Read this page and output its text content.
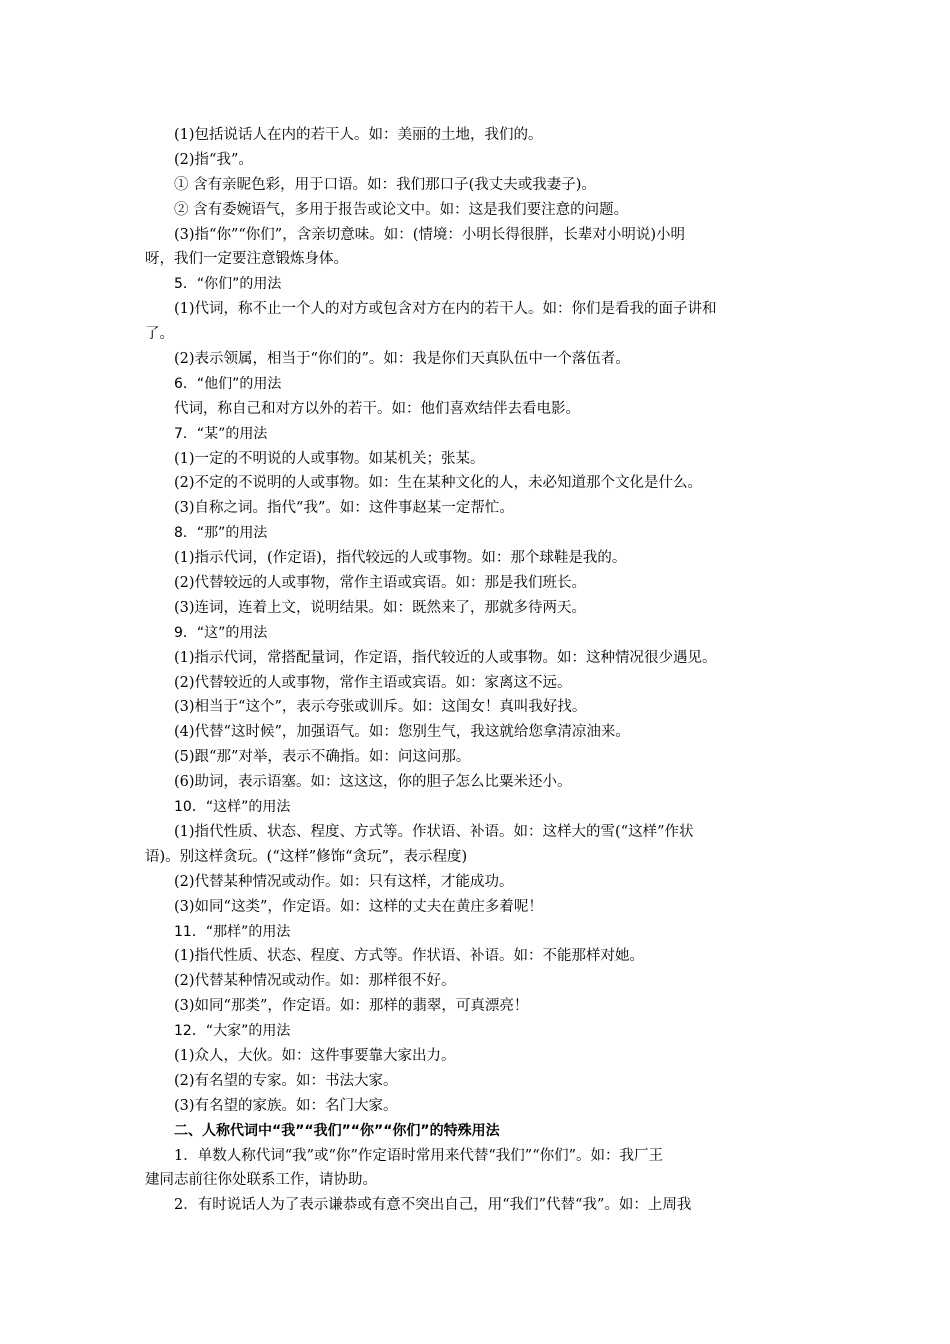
(1)包括说话人在内的若干人。如：美丽的土地，我们的。
(2)指“我”。
① 含有亲昵色彩，用于口语。如：我们那口子(我丈夫或我妻子)。
② 含有委婉语气，多用于报告或论文中。如：这是我们要注意的问题。
(3)指“你”“你们”，含亲切意味。如：(情境：小明长得很胖，长辈对小明说)小明
呀，我们一定要注意锻炼身体。
5．“你们”的用法
(1)代词，称不止一个人的对方或包含对方在内的若干人。如：你们是看我的面子讲和
了。
(2)表示领属，相当于“你们的”。如：我是你们天真队伍中一个落伍者。
6．“他们”的用法
代词，称自己和对方以外的若干。如：他们喜欢结伴去看电影。
7．“某”的用法
(1)一定的不明说的人或事物。如某机关；张某。
(2)不定的不说明的人或事物。如：生在某种文化的人，未必知道那个文化是什么。
(3)自称之词。指代“我”。如：这件事赵某一定帮忙。
8．“那”的用法
(1)指示代词，(作定语)，指代较远的人或事物。如：那个球鞋是我的。
(2)代替较远的人或事物，常作主语或宾语。如：那是我们班长。
(3)连词，连着上文，说明结果。如：既然来了，那就多待两天。
9．“这”的用法
(1)指示代词，常搭配量词，作定语，指代较近的人或事物。如：这种情况很少遇见。
(2)代替较近的人或事物，常作主语或宾语。如：家离这不远。
(3)相当于“这个”，表示夸张或训斥。如：这闺女！真叫我好找。
(4)代替“这时候”，加强语气。如：您别生气，我这就给您拿清凉油来。
(5)跟“那”对举，表示不确指。如：问这问那。
(6)助词，表示语塞。如：这这这，你的胆子怎么比粟米还小。
10．“这样”的用法
(1)指代性质、状态、程度、方式等。作状语、补语。如：这样大的雪(“这样”作状
语)。别这样贪玩。(“这样”修饰“贪玩”，表示程度)
(2)代替某种情况或动作。如：只有这样，才能成功。
(3)如同“这类”，作定语。如：这样的丈夫在黄庄多着呢！
11．“那样”的用法
(1)指代性质、状态、程度、方式等。作状语、补语。如：不能那样对她。
(2)代替某种情况或动作。如：那样很不好。
(3)如同“那类”，作定语。如：那样的翡翠，可真漂亮！
12．“大家”的用法
(1)众人，大伙。如：这件事要靠大家出力。
(2)有名望的专家。如：书法大家。
(3)有名望的家族。如：名门大家。
二、人称代词中“我”“我们”“你”“你们”的特殊用法
1．单数人称代词“我”或“你”作定语时常用来代替“我们”“你们”。如：我厂王
建同志前往你处联系工作，请协助。
2．有时说话人为了表示谦恭或有意不突出自己，用“我们”代替“我”。如：上周我
